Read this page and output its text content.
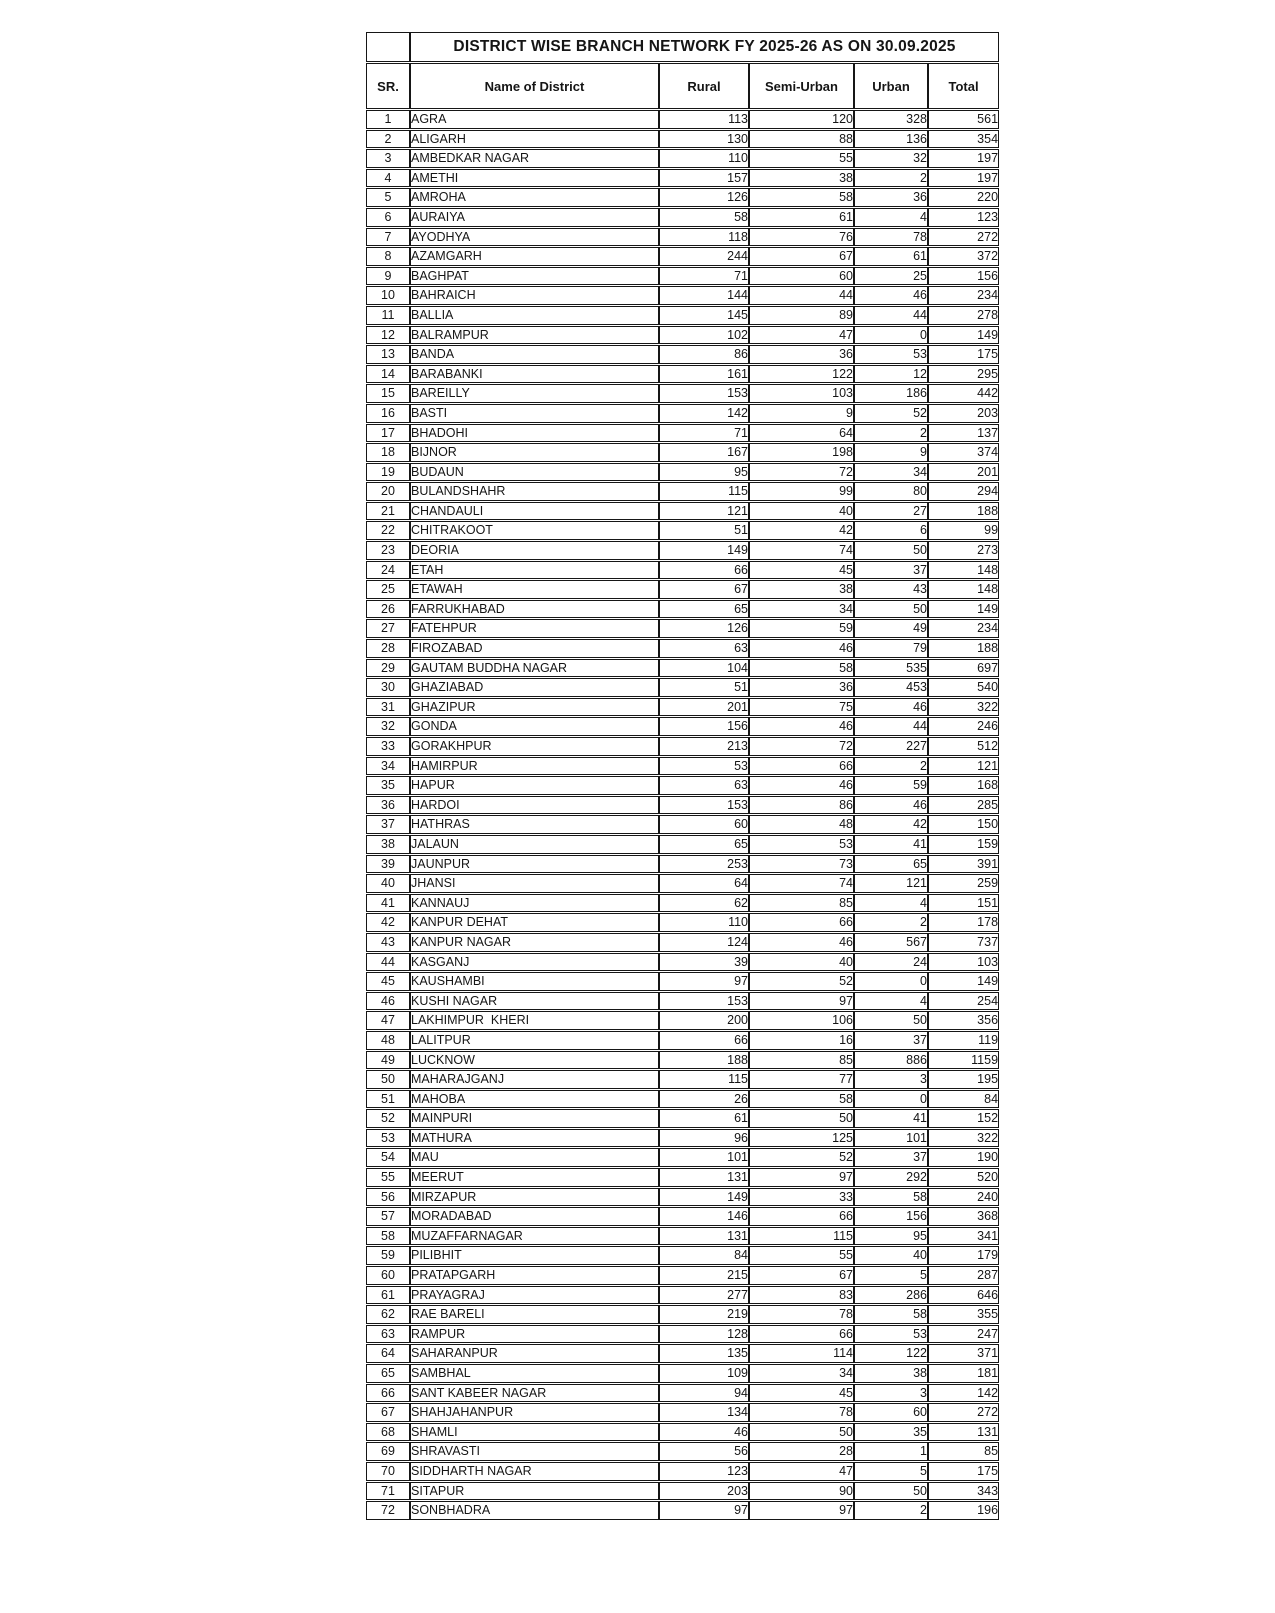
	DISTRICT WISE BRANCH NETWORK FY 2025-26 AS ON 30.09.2025				
SR.	Name of District	Rural	Semi-Urban	Urban	Total
1	AGRA	113	120	328	561
2	ALIGARH	130	88	136	354
3	AMBEDKAR NAGAR	110	55	32	197
4	AMETHI	157	38	2	197
5	AMROHA	126	58	36	220
6	AURAIYA	58	61	4	123
7	AYODHYA	118	76	78	272
8	AZAMGARH	244	67	61	372
9	BAGHPAT	71	60	25	156
10	BAHRAICH	144	44	46	234
11	BALLIA	145	89	44	278
12	BALRAMPUR	102	47	0	149
13	BANDA	86	36	53	175
14	BARABANKI	161	122	12	295
15	BAREILLY	153	103	186	442
16	BASTI	142	9	52	203
17	BHADOHI	71	64	2	137
18	BIJNOR	167	198	9	374
19	BUDAUN	95	72	34	201
20	BULANDSHAHR	115	99	80	294
21	CHANDAULI	121	40	27	188
22	CHITRAKOOT	51	42	6	99
23	DEORIA	149	74	50	273
24	ETAH	66	45	37	148
25	ETAWAH	67	38	43	148
26	FARRUKHABAD	65	34	50	149
27	FATEHPUR	126	59	49	234
28	FIROZABAD	63	46	79	188
29	GAUTAM BUDDHA NAGAR	104	58	535	697
30	GHAZIABAD	51	36	453	540
31	GHAZIPUR	201	75	46	322
32	GONDA	156	46	44	246
33	GORAKHPUR	213	72	227	512
34	HAMIRPUR	53	66	2	121
35	HAPUR	63	46	59	168
36	HARDOI	153	86	46	285
37	HATHRAS	60	48	42	150
38	JALAUN	65	53	41	159
39	JAUNPUR	253	73	65	391
40	JHANSI	64	74	121	259
41	KANNAUJ	62	85	4	151
42	KANPUR DEHAT	110	66	2	178
43	KANPUR NAGAR	124	46	567	737
44	KASGANJ	39	40	24	103
45	KAUSHAMBI	97	52	0	149
46	KUSHI NAGAR	153	97	4	254
47	LAKHIMPUR  KHERI	200	106	50	356
48	LALITPUR	66	16	37	119
49	LUCKNOW	188	85	886	1159
50	MAHARAJGANJ	115	77	3	195
51	MAHOBA	26	58	0	84
52	MAINPURI	61	50	41	152
53	MATHURA	96	125	101	322
54	MAU	101	52	37	190
55	MEERUT	131	97	292	520
56	MIRZAPUR	149	33	58	240
57	MORADABAD	146	66	156	368
58	MUZAFFARNAGAR	131	115	95	341
59	PILIBHIT	84	55	40	179
60	PRATAPGARH	215	67	5	287
61	PRAYAGRAJ	277	83	286	646
62	RAE BARELI	219	78	58	355
63	RAMPUR	128	66	53	247
64	SAHARANPUR	135	114	122	371
65	SAMBHAL	109	34	38	181
66	SANT KABEER NAGAR	94	45	3	142
67	SHAHJAHANPUR	134	78	60	272
68	SHAMLI	46	50	35	131
69	SHRAVASTI	56	28	1	85
70	SIDDHARTH NAGAR	123	47	5	175
71	SITAPUR	203	90	50	343
72	SONBHADRA	97	97	2	196
